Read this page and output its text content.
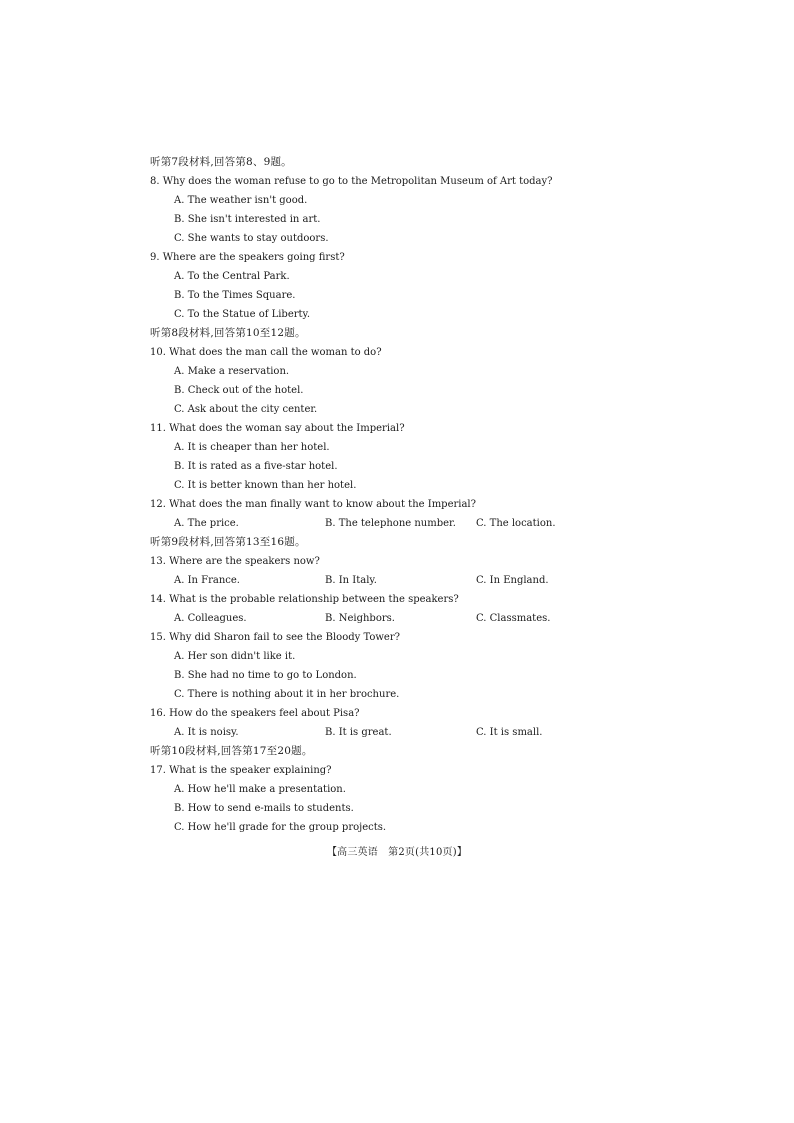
听第7段材料,回答第8、9题。
8. Why does the woman refuse to go to the Metropolitan Museum of Art today?
A. The weather isn't good.
B. She isn't interested in art.
C. She wants to stay outdoors.
9. Where are the speakers going first?
A. To the Central Park.
B. To the Times Square.
C. To the Statue of Liberty.
听第8段材料,回答第10至12题。
10. What does the man call the woman to do?
A. Make a reservation.
B. Check out of the hotel.
C. Ask about the city center.
11. What does the woman say about the Imperial?
A. It is cheaper than her hotel.
B. It is rated as a five-star hotel.
C. It is better known than her hotel.
12. What does the man finally want to know about the Imperial?
A. The price.	B. The telephone number.	C. The location.
听第9段材料,回答第13至16题。
13. Where are the speakers now?
A. In France.	B. In Italy.	C. In England.
14. What is the probable relationship between the speakers?
A. Colleagues.	B. Neighbors.	C. Classmates.
15. Why did Sharon fail to see the Bloody Tower?
A. Her son didn't like it.
B. She had no time to go to London.
C. There is nothing about it in her brochure.
16. How do the speakers feel about Pisa?
A. It is noisy.	B. It is great.	C. It is small.
听第10段材料,回答第17至20题。
17. What is the speaker explaining?
A. How he'll make a presentation.
B. How to send e-mails to students.
C. How he'll grade for the group projects.
【高三英语　第2页(共10页)】
